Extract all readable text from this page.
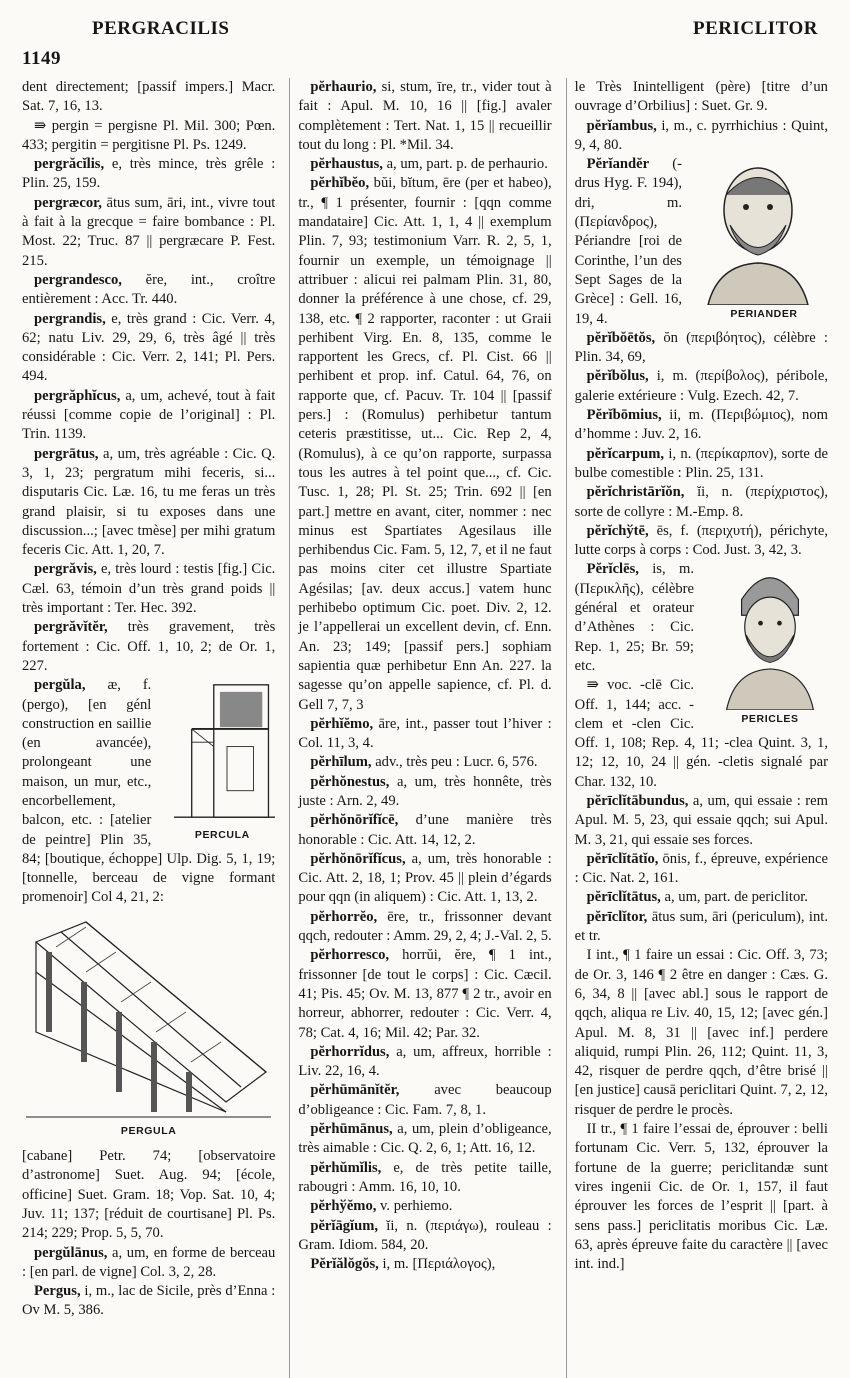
PERGRACILIS	PERICLITOR
1149

dent directement; [passif impers.] Macr. Sat. 7, 16, 13.

⇛ pergin = pergisne Pl. Mil. 300; Pœn. 433; pergitin = pergitisne Pl. Ps. 1249.

pergrăcĭlis, e, très mince, très grêle : Plin. 25, 159.

pergræcor, ātus sum, āri, int., vivre tout à fait à la grecque = faire bombance : Pl. Most. 22; Truc. 87 || pergræcare P. Fest. 215.

pergrandesco, ĕre, int., croître entièrement : Acc. Tr. 440.

pergrandis, e, très grand : Cic. Verr. 4, 62; natu Liv. 29, 29, 6, très âgé || très considérable : Cic. Verr. 2, 141; Pl. Pers. 494.

pergrăphĭcus, a, um, achevé, tout à fait réussi [comme copie de l’original] : Pl. Trin. 1139.

pergrātus, a, um, très agréable : Cic. Q. 3, 1, 23; pergratum mihi feceris, si... disputaris Cic. Læ. 16, tu me feras un très grand plaisir, si tu exposes dans une discussion...; [avec tmèse] per mihi gratum feceris Cic. Att. 1, 20, 7.

pergrăvis, e, très lourd : testis [fig.] Cic. Cæl. 63, témoin d’un très grand poids || très important : Ter. Hec. 392.

pergrăvĭtĕr, très gravement, très fortement : Cic. Off. 1, 10, 2; de Or. 1, 227.

PERCULA
pergŭla, æ, f. (pergo), [en génl construction en saillie (en avancée), prolongeant une maison, un mur, etc., encorbellement, balcon, etc. : [atelier de peintre] Plin 35, 84; [boutique, échoppe] Ulp. Dig. 5, 1, 19; [tonnelle, berceau de vigne formant promenoir] Col 4, 21, 2:

PERGULA

[cabane] Petr. 74; [observatoire d’astronome] Suet. Aug. 94; [école, officine] Suet. Gram. 18; Vop. Sat. 10, 4; Juv. 11; 137; [réduit de courtisane] Pl. Ps. 214; 229; Prop. 5, 5, 70.

pergŭlānus, a, um, en forme de berceau : [en parl. de vigne] Col. 3, 2, 28.

Pergus, i, m., lac de Sicile, près d’Enna : Ov M. 5, 386.

pĕrhaurio, si, stum, īre, tr., vider tout à fait : Apul. M. 10, 16 || [fig.] avaler complètement : Tert. Nat. 1, 15 || recueillir tout du long : Pl. *Mil. 34.

pĕrhaustus, a, um, part. p. de perhaurio.

pĕrhĭbĕo, bŭi, bĭtum, ēre (per et habeo), tr., ¶ 1 présenter, fournir : [qqn comme mandataire] Cic. Att. 1, 1, 4 || exemplum Plin. 7, 93; testimonium Varr. R. 2, 5, 1, fournir un exemple, un témoignage || attribuer : alicui rei palmam Plin. 31, 80, donner la préférence à une chose, cf. 29, 138, etc. ¶ 2 rapporter, raconter : ut Graii perhibent Virg. En. 8, 135, comme le rapportent les Grecs, cf. Pl. Cist. 66 || perhibent et prop. inf. Catul. 64, 76, on rapporte que, cf. Pacuv. Tr. 104 || [passif pers.] : (Romulus) perhibetur tantum ceteris præstitisse, ut... Cic. Rep 2, 4, (Romulus), à ce qu’on rapporte, surpassa tous les autres à tel point que..., cf. Cic. Tusc. 1, 28; Pl. St. 25; Trin. 692 || [en part.] mettre en avant, citer, nommer : nec minus est Spartiates Agesilaus ille perhibendus Cic. Fam. 5, 12, 7, et il ne faut pas moins citer cet illustre Spartiate Agésilas; [av. deux accus.] vatem hunc perhibebo optimum Cic. poet. Div. 2, 12. je l’appellerai un excellent devin, cf. Enn. An. 23; 149; [passif pers.] sophiam sapientia quæ perhibetur Enn An. 227. la sagesse qu’on appelle sapience, cf. Pl. d. Gell 7, 7, 3

pĕrhĭĕmo, āre, int., passer tout l’hiver : Col. 11, 3, 4.

pĕrhīlum, adv., très peu : Lucr. 6, 576.

pĕrhŏnestus, a, um, très honnête, très juste : Arn. 2, 49.

pĕrhŏnōrĭfĭcē, d’une manière très honorable : Cic. Att. 14, 12, 2.

pĕrhŏnōrĭfĭcus, a, um, très honorable : Cic. Att. 2, 18, 1; Prov. 45 || plein d’égards pour qqn (in aliquem) : Cic. Att. 1, 13, 2.

pĕrhorrĕo, ēre, tr., frissonner devant qqch, redouter : Amm. 29, 2, 4; J.-Val. 2, 5.

pĕrhorresco, horrŭi, ĕre, ¶ 1 int., frissonner [de tout le corps] : Cic. Cæcil. 41; Pis. 45; Ov. M. 13, 877 ¶ 2 tr., avoir en horreur, abhorrer, redouter : Cic. Verr. 4, 78; Cat. 4, 16; Mil. 42; Par. 32.

pĕrhorrĭdus, a, um, affreux, horrible : Liv. 22, 16, 4.

pĕrhūmānĭtĕr, avec beaucoup d’obligeance : Cic. Fam. 7, 8, 1.

pĕrhūmānus, a, um, plein d’obligeance, très aimable : Cic. Q. 2, 6, 1; Att. 16, 12.

pĕrhŭmĭlis, e, de très petite taille, rabougri : Amm. 16, 10, 10.

pĕrhўĕmo, v. perhiemo.

pĕrĭāgĭum, ĭi, n. (περιάγω), rouleau : Gram. Idiom. 584, 20.

Pĕrĭălŏgŏs, i, m. [Περιάλογος),

le Très Inintelligent (père) [titre d’un ouvrage d’Orbilius] : Suet. Gr. 9.

pĕrĭambus, i, m., c. pyrrhichius : Quint, 9, 4, 80.

PERIANDER
Pĕrĭandĕr (-drus Hyg. F. 194), dri, m. (Περίανδρος), Périandre [roi de Corinthe, l’un des Sept Sages de la Grèce] : Gell. 16, 19, 4.

pĕrĭbŏētŏs, ŏn (περιβόητος), célèbre : Plin. 34, 69,

pĕrĭbŏlus, i, m. (περίβολος), péribole, galerie extérieure : Vulg. Ezech. 42, 7.

Pĕrĭbōmius, ii, m. (Περιβώμιος), nom d’homme : Juv. 2, 16.

pĕrĭcarpum, i, n. (περίκαρπον), sorte de bulbe comestible : Plin. 25, 131.

pĕrĭchristārĭŏn, ĭi, n. (περίχριστος), sorte de collyre : M.-Emp. 8.

pĕrĭchўtē, ēs, f. (περιχυτή), périchyte, lutte corps à corps : Cod. Just. 3, 42, 3.

PERICLES
Pĕrĭclēs, is, m. (Περικλῆς), célèbre général et orateur d’Athènes : Cic. Rep. 1, 25; Br. 59; etc.

⇛ voc. -clē Cic. Off. 1, 144; acc. -clem et -clen Cic. Off. 1, 108; Rep. 4, 11; -clea Quint. 3, 1, 12; 12, 10, 24 || gén. -cletis signalé par Char. 132, 10.

pĕrīclĭtābundus, a, um, qui essaie : rem Apul. M. 5, 23, qui essaie qqch; sui Apul. M. 3, 21, qui essaie ses forces.

pĕrīclĭtātĭo, ōnis, f., épreuve, expérience : Cic. Nat. 2, 161.

pĕrīclĭtātus, a, um, part. de periclitor.

pĕrīclĭtor, ātus sum, āri (periculum), int. et tr.

I int., ¶ 1 faire un essai : Cic. Off. 3, 73; de Or. 3, 146 ¶ 2 être en danger : Cæs. G. 6, 34, 8 || [avec abl.] sous le rapport de qqch, aliqua re Liv. 40, 15, 12; [avec gén.] Apul. M. 8, 31 || [avec inf.] perdere aliquid, rumpi Plin. 26, 112; Quint. 11, 3, 42, risquer de perdre qqch, d’être brisé || [en justice] causā periclitari Quint. 7, 2, 12, risquer de perdre le procès.

II tr., ¶ 1 faire l’essai de, éprouver : belli fortunam Cic. Verr. 5, 132, éprouver la fortune de la guerre; periclitandæ sunt vires ingenii Cic. de Or. 1, 157, il faut éprouver les forces de l’esprit || [part. à sens pass.] periclitatis moribus Cic. Læ. 63, après épreuve faite du caractère || [avec int. ind.]
